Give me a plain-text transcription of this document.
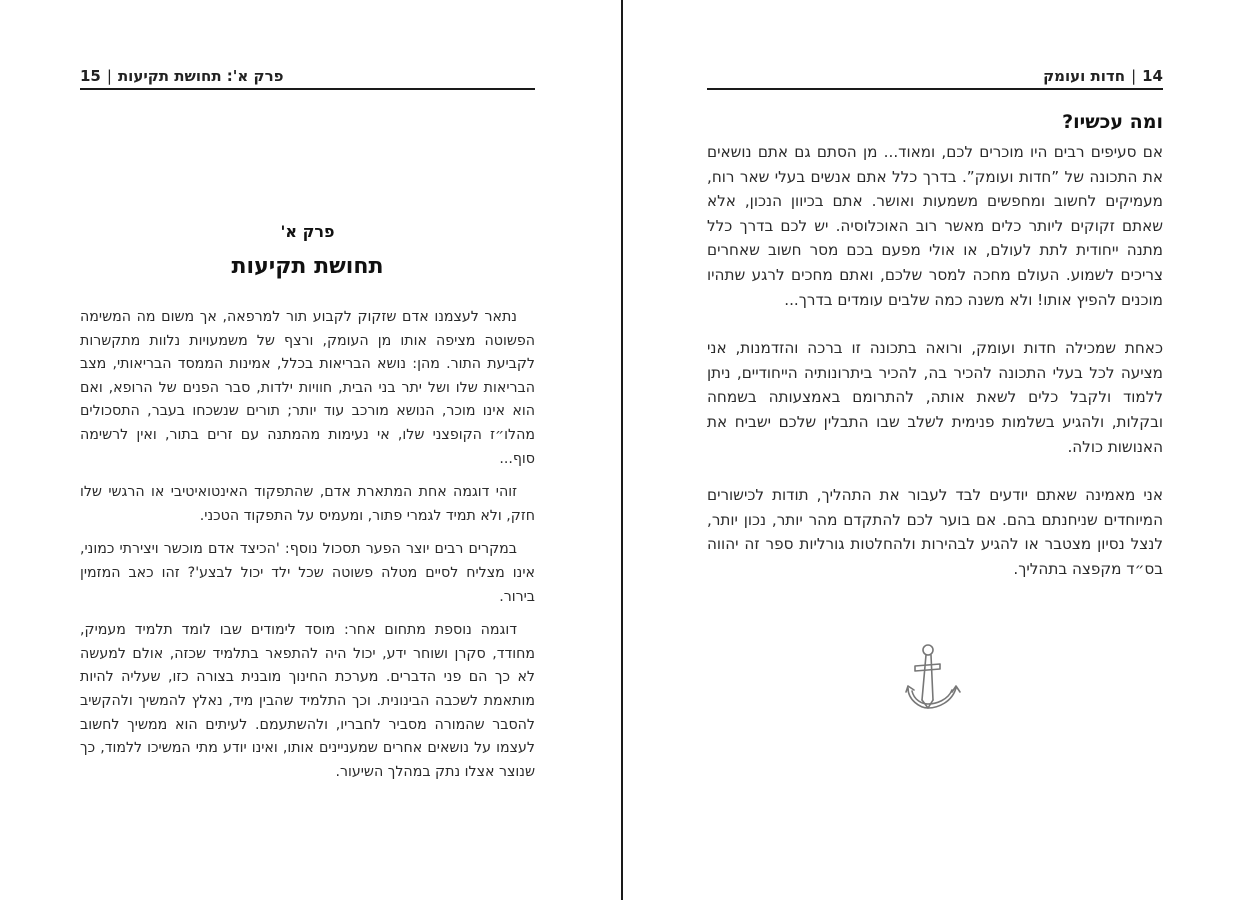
14|חדות ועומק
ומה עכשיו?

אם סעיפים רבים היו מוכרים לכם, ומאוד... מן הסתם גם אתם נושאים את התכונה של ”חדות ועומק”. בדרך כלל אתם אנשים בעלי שאר רוח, מעמיקים לחשוב ומחפשים משמעות ואושר. אתם בכיוון הנכון, אלא שאתם זקוקים ליותר כלים מאשר רוב האוכלוסיה. יש לכם בדרך כלל מתנה ייחודית לתת לעולם, או אולי מפעם בכם מסר חשוב שאחרים צריכים לשמוע. העולם מחכה למסר שלכם, ואתם מחכים לרגע שתהיו מוכנים להפיץ אותו! ולא משנה כמה שלבים עומדים בדרך...

כאחת שמכילה חדות ועומק, ורואה בתכונה זו ברכה והזדמנות, אני מציעה לכל בעלי התכונה להכיר בה, להכיר ביתרונותיה הייחודיים, ניתן ללמוד ולקבל כלים לשאת אותה, להתרומם באמצעותה בשמחה ובקלות, ולהגיע בשלמות פנימית לשלב שבו התבלין שלכם ישביח את האנושות כולה.

אני מאמינה שאתם יודעים לבד לעבור את התהליך, תודות לכישורים המיוחדים שניחנתם בהם. אם בוער לכם להתקדם מהר יותר, נכון יותר, לנצל נסיון מצטבר או להגיע לבהירות ולהחלטות גורליות ספר זה יהווה בס״ד מקפצה בתהליך.

פרק א': תחושת תקיעות|15
פרק א'
תחושת תקיעות

נתאר לעצמנו אדם שזקוק לקבוע תור למרפאה, אך משום מה המשימה הפשוטה מציפה אותו מן העומק, ורצף של משמעויות נלוות מתקשרות לקביעת התור. מהן: נושא הבריאות בכלל, אמינות הממסד הבריאותי, מצב הבריאות שלו ושל יתר בני הבית, חוויות ילדות, סבר הפנים של הרופא, ואם הוא אינו מוכר, הנושא מורכב עוד יותר; תורים שנשכחו בעבר, התסכולים מהלו״ז הקופצני שלו, אי נעימות מהמתנה עם זרים בתור, ואין לרשימה סוף...

זוהי דוגמה אחת המתארת אדם, שהתפקוד האינטואיטיבי או הרגשי שלו חזק, ולא תמיד לגמרי פתור, ומעמיס על התפקוד הטכני.

במקרים רבים יוצר הפער תסכול נוסף: 'הכיצד אדם מוכשר ויצירתי כמוני, אינו מצליח לסיים מטלה פשוטה שכל ילד יכול לבצע'? זהו כאב המזמין בירור.

דוגמה נוספת מתחום אחר: מוסד לימודים שבו לומד תלמיד מעמיק, מחודד, סקרן ושוחר ידע, יכול היה להתפאר בתלמיד שכזה, אולם למעשה לא כך הם פני הדברים. מערכת החינוך מובנית בצורה כזו, שעליה להיות מותאמת לשכבה הבינונית. וכך התלמיד שהבין מיד, נאלץ להמשיך ולהקשיב להסבר שהמורה מסביר לחבריו, ולהשתעמם. לעיתים הוא ממשיך לחשוב לעצמו על נושאים אחרים שמעניינים אותו, ואינו יודע מתי המשיכו ללמוד, כך שנוצר אצלו נתק במהלך השיעור.
